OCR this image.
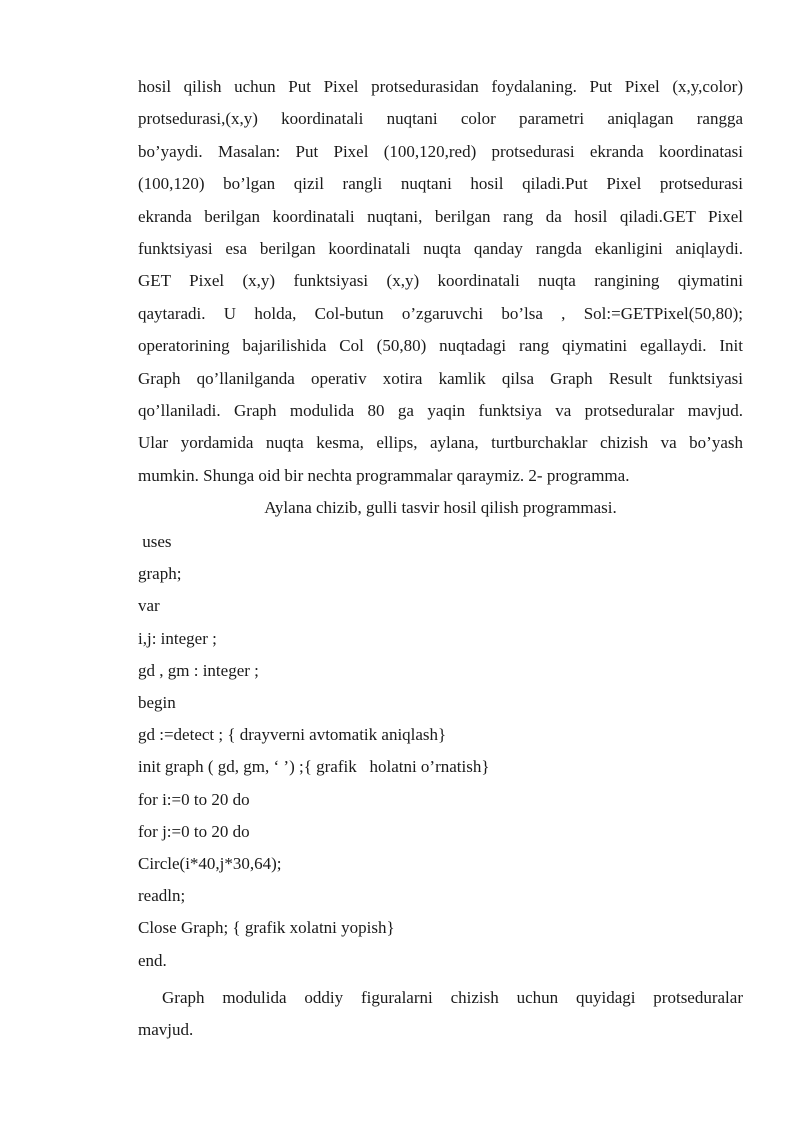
hosil qilish uchun Put Pixel protsedurasidan foydalaning. Put Pixel (x,y,color)
protsedurasi,(x,y) koordinatali nuqtani color parametri aniqlagan rangga
bo’yaydi. Masalan: Put Pixel (100,120,red) protsedurasi ekranda koordinatasi
(100,120) bo’lgan qizil rangli nuqtani hosil qiladi.Put Pixel protsedurasi
ekranda berilgan koordinatali nuqtani, berilgan rang da hosil qiladi.GET Pixel
funktsiyasi esa berilgan koordinatali nuqta qanday rangda ekanligini aniqlaydi.
GET Pixel (x,y) funktsiyasi (x,y) koordinatali nuqta rangining qiymatini
qaytaradi. U holda, Col-butun o’zgaruvchi bo’lsa , Sol:=GETPixel(50,80);
operatorining bajarilishida Col (50,80) nuqtadagi rang qiymatini egallaydi. Init
Graph qo’llanilganda operativ xotira kamlik qilsa Graph Result funktsiyasi
qo’llaniladi. Graph modulida 80 ga yaqin funktsiya va protseduralar mavjud.
Ular yordamida nuqta kesma, ellips, aylana, turtburchaklar chizish va bo’yash
mumkin. Shunga oid bir nechta programmalar qaraymiz. 2- programma.
Aylana chizib, gulli tasvir hosil qilish programmasi.
uses
graph;
var
i,j: integer ;
gd , gm : integer ;
begin
gd :=detect ; { drayverni avtomatik aniqlash}
init graph ( gd, gm, ‘ ’) ;{ grafik   holatni o’rnatish}
for i:=0 to 20 do
for j:=0 to 20 do
Circle(i*40,j*30,64);
readln;
Close Graph; { grafik xolatni yopish}
end.
Graph modulida oddiy figuralarni chizish uchun quyidagi protseduralar
mavjud.
